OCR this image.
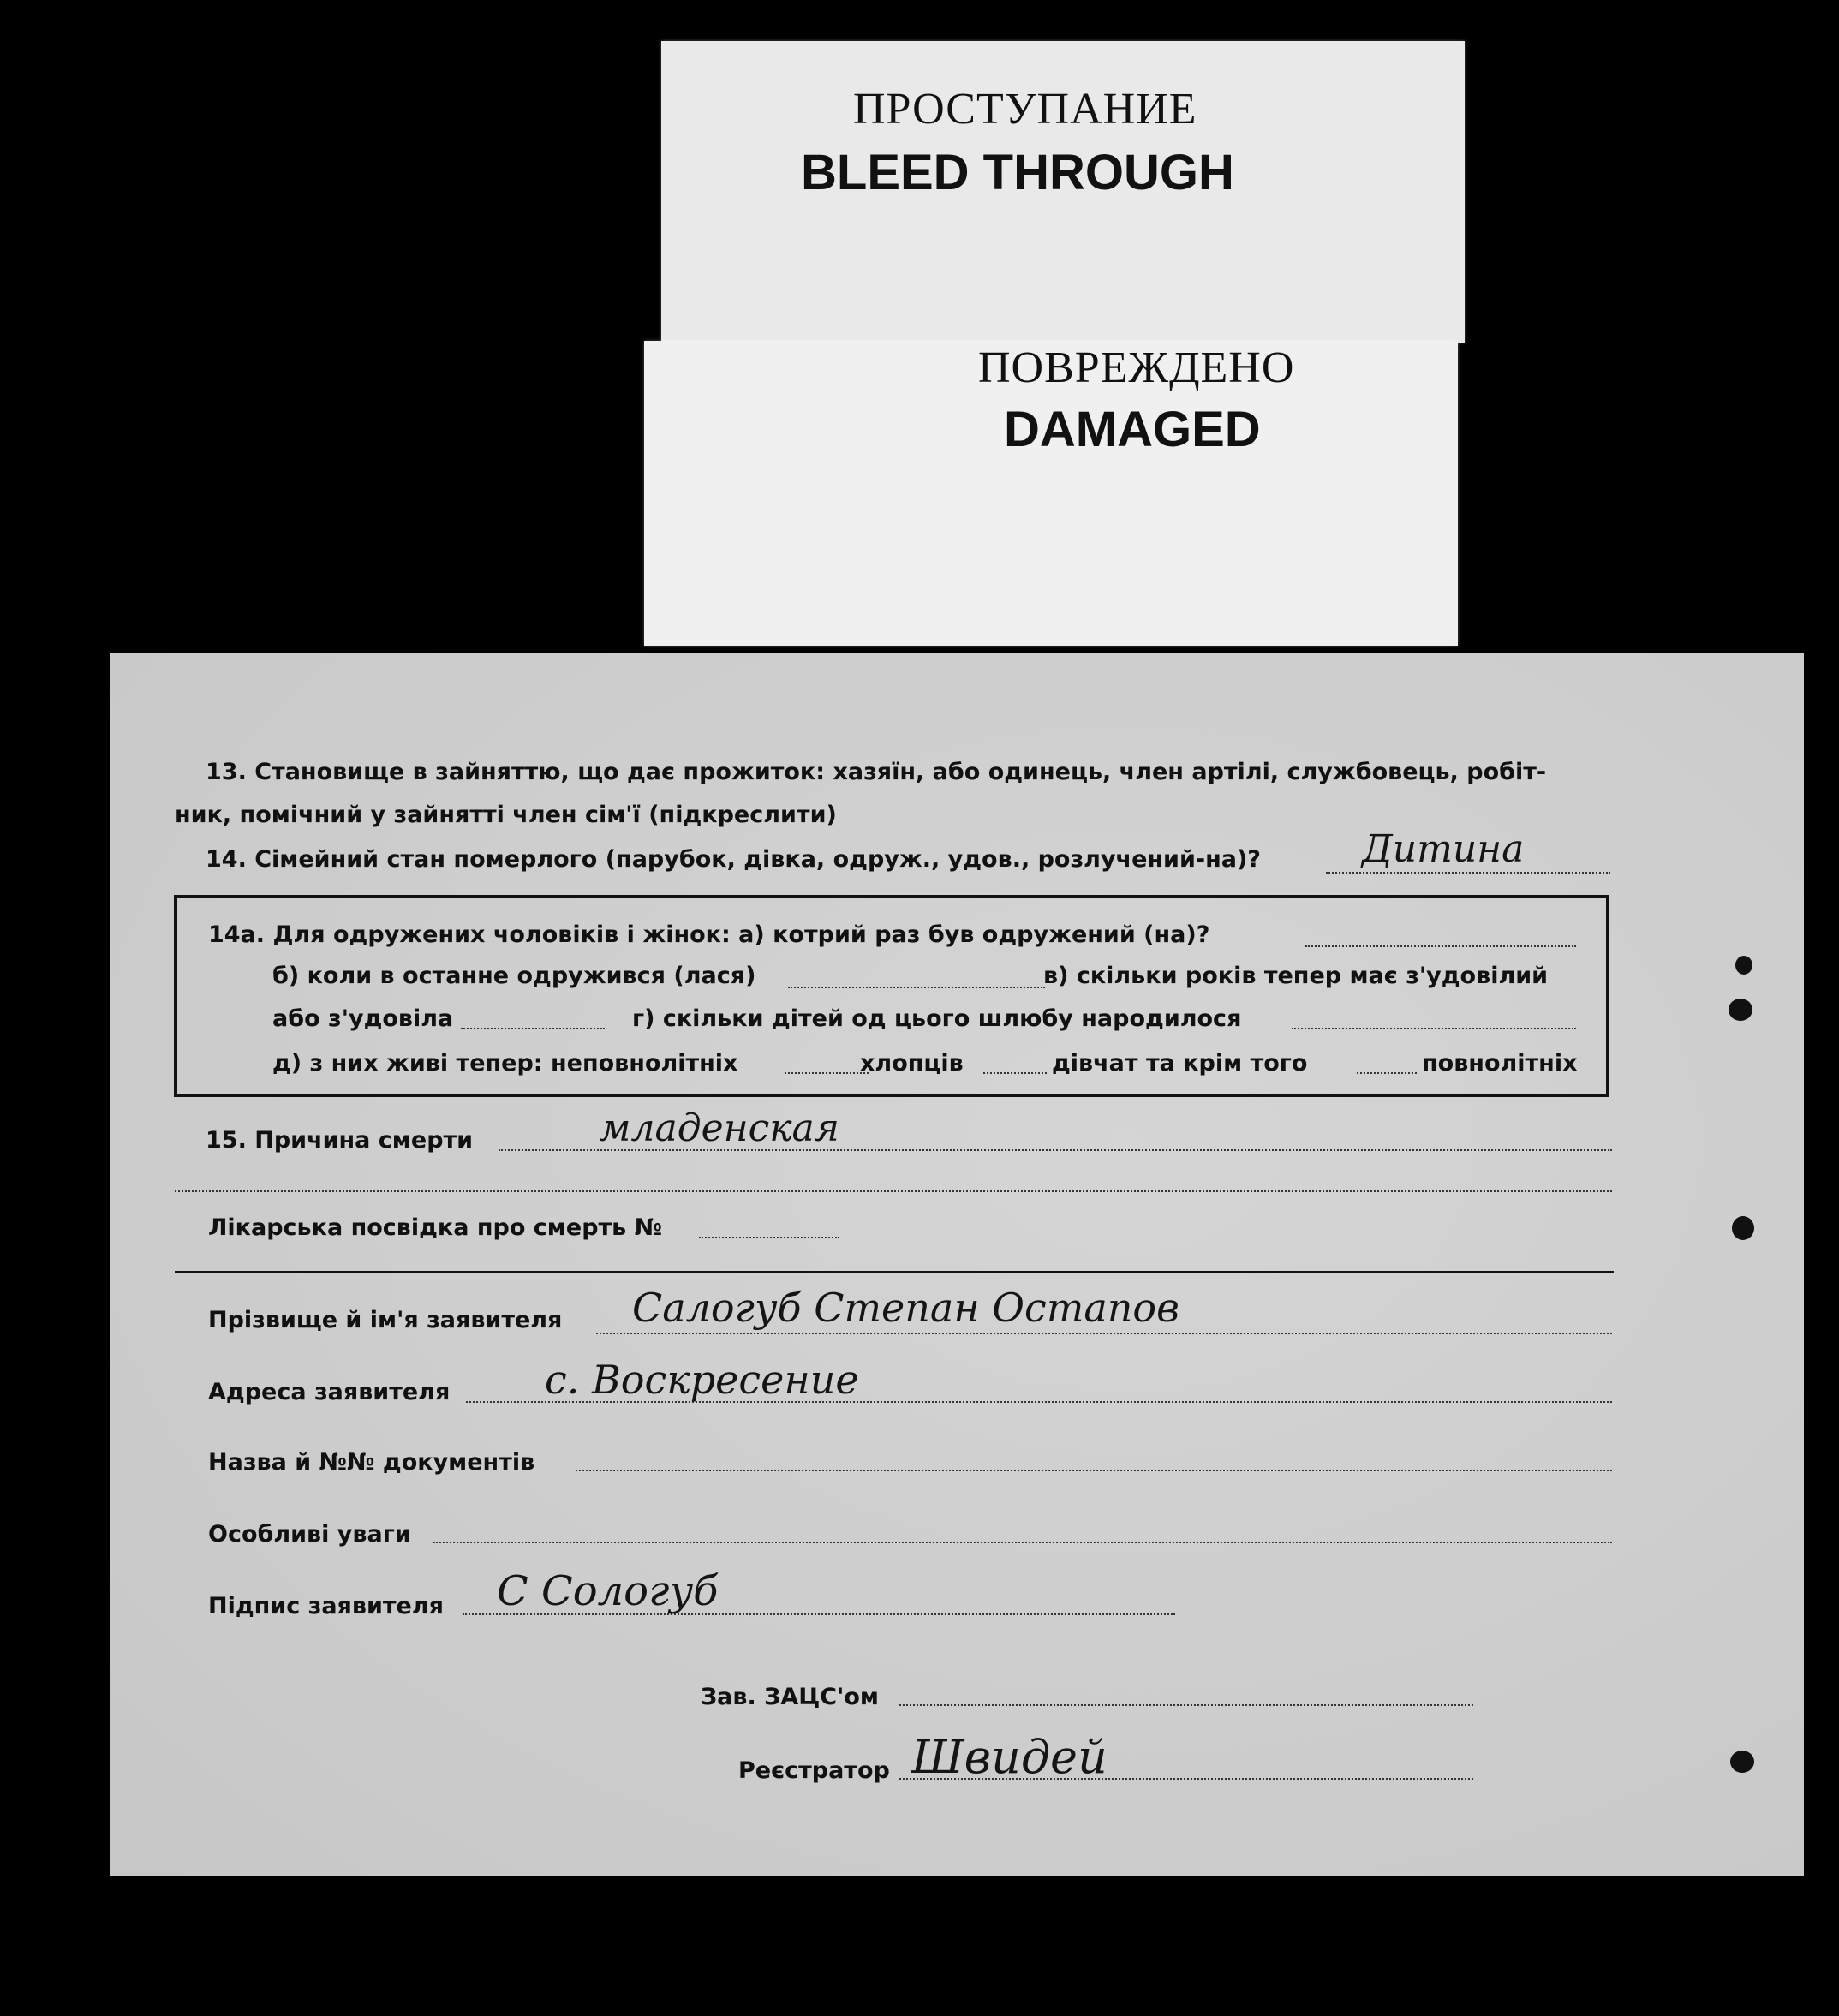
ПРОСТУПАНИЕ
BLEED THROUGH
ПОВРЕЖДЕНО
DAMAGED
13. Становище в зайняттю, що дає прожиток: хазяїн, або одинець, член артілі, службовець, робіт-
ник, помічний у зайнятті член сім'ї (підкреслити)
14. Сімейний стан померлого (парубок, дівка, одруж., удов., розлучений-на)?	Дитина
14а. Для одружених чоловіків і жінок: а) котрий раз був одружений (на)?
б) коли в останне одружився (лася)	в) скільки років тепер має з'удовілий
або з'удовіла	г) скільки дітей од цього шлюбу народилося
д) з них живі тепер: неповнолітніх	хлопців	дівчат та крім того	повнолітніх
15. Причина смерти	младенская
Лікарська посвідка про смерть №
Прізвище й ім'я заявителя Салогуб Степан Остапов
Адреса заявителя с. Воскресение
Назва й №№ документів
Особливі уваги
Підпис заявителя С Сологуб
Зав. ЗАЦС'ом
Реєстратор Швидей
